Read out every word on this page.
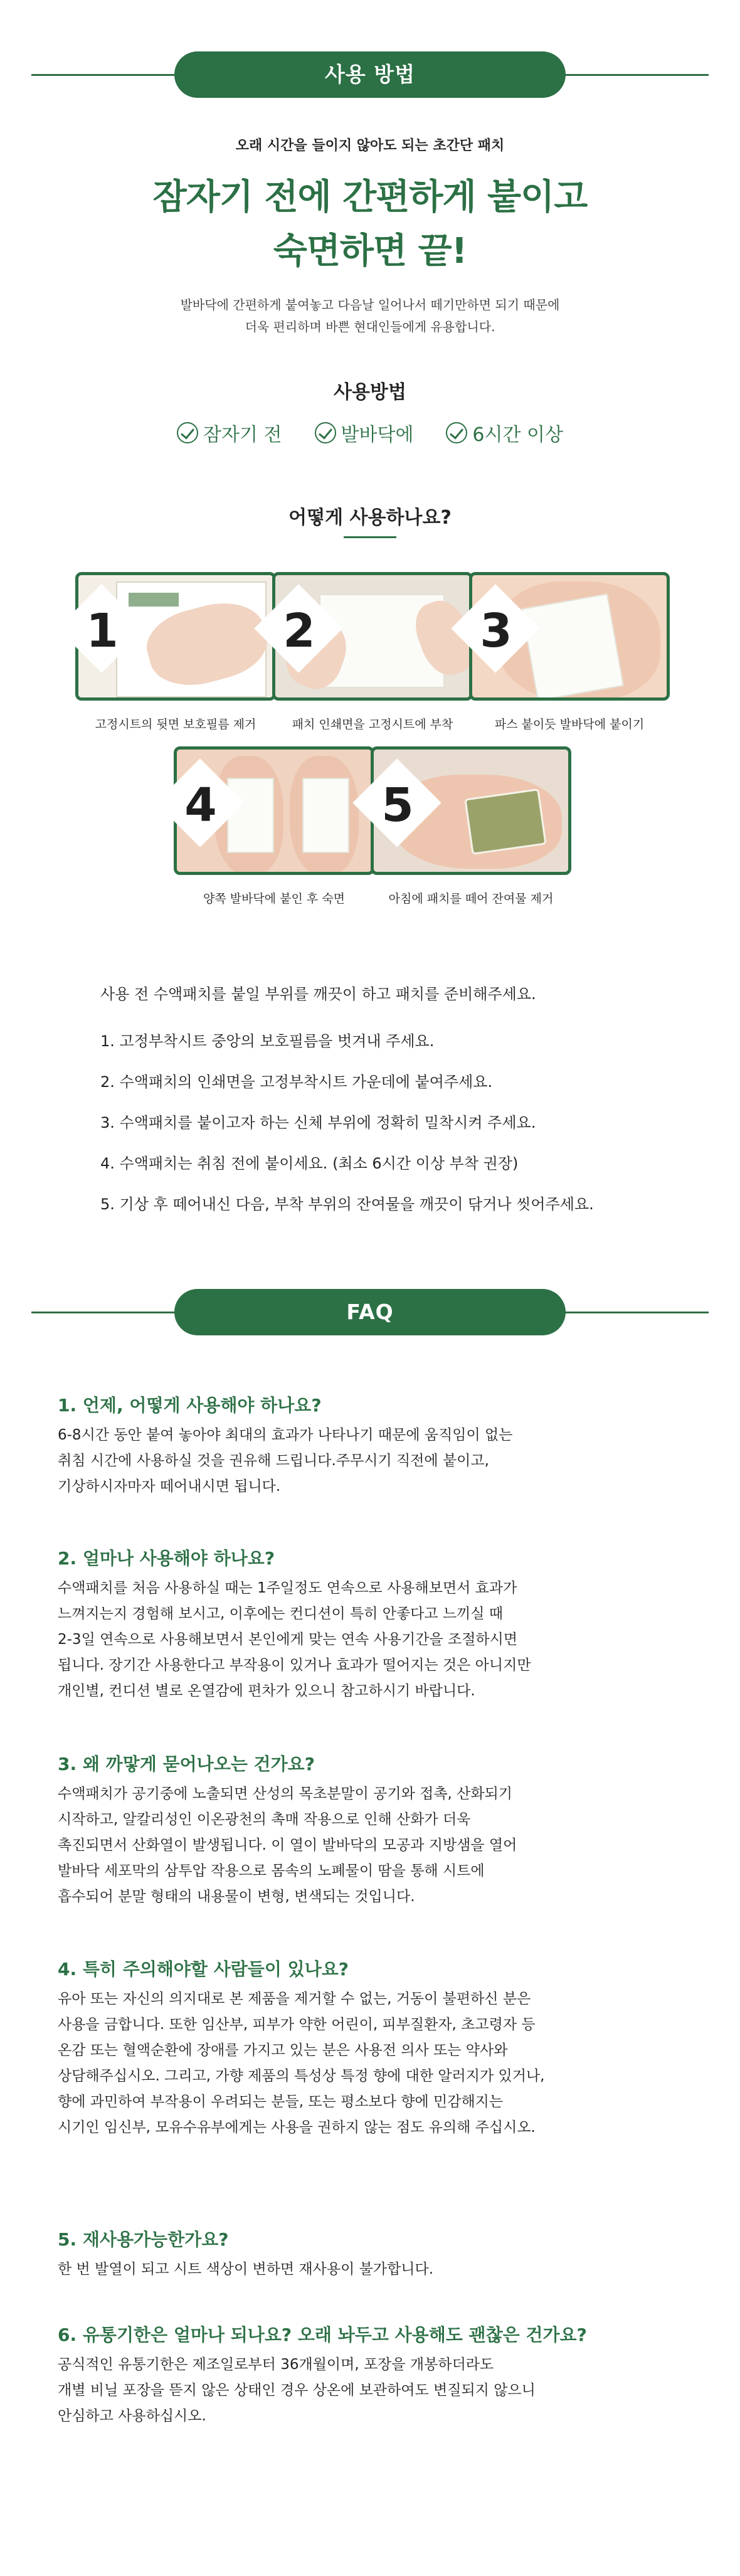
사용 방법
오래 시간을 들이지 않아도 되는 초간단 패치
잠자기 전에 간편하게 붙이고
숙면하면 끝!
발바닥에 간편하게 붙여놓고 다음날 일어나서 떼기만하면 되기 때문에
더욱 편리하며 바쁜 현대인들에게 유용합니다.
사용방법
잠자기 전	발바닥에	6시간 이상
어떻게 사용하나요?
1
고정시트의 뒷면 보호필름 제거
2
패치 인쇄면을 고정시트에 부착
3
파스 붙이듯 발바닥에 붙이기
4
양쪽 발바닥에 붙인 후 숙면
5
아침에 패치를 떼어 잔여물 제거
사용 전 수액패치를 붙일 부위를 깨끗이 하고 패치를 준비해주세요.
1. 고정부착시트 중앙의 보호필름을 벗겨내 주세요.
2. 수액패치의 인쇄면을 고정부착시트 가운데에 붙여주세요.
3. 수액패치를 붙이고자 하는 신체 부위에 정확히 밀착시켜 주세요.
4. 수액패치는 취침 전에 붙이세요. (최소 6시간 이상 부착 권장)
5. 기상 후 떼어내신 다음, 부착 부위의 잔여물을 깨끗이 닦거나 씻어주세요.
FAQ
1. 언제, 어떻게 사용해야 하나요?
6-8시간 동안 붙여 놓아야 최대의 효과가 나타나기 때문에 움직임이 없는
취침 시간에 사용하실 것을 권유해 드립니다.주무시기 직전에 붙이고,
기상하시자마자 떼어내시면 됩니다.
2. 얼마나 사용해야 하나요?
수액패치를 처음 사용하실 때는 1주일정도 연속으로 사용해보면서 효과가
느껴지는지 경험해 보시고, 이후에는 컨디션이 특히 안좋다고 느끼실 때
2-3일 연속으로 사용해보면서 본인에게 맞는 연속 사용기간을 조절하시면
됩니다. 장기간 사용한다고 부작용이 있거나 효과가 떨어지는 것은 아니지만
개인별, 컨디션 별로 온열감에 편차가 있으니 참고하시기 바랍니다.
3. 왜 까맣게 묻어나오는 건가요?
수액패치가 공기중에 노출되면 산성의 목초분말이 공기와 접촉, 산화되기
시작하고, 알칼리성인 이온광천의 촉매 작용으로 인해 산화가 더욱
촉진되면서 산화열이 발생됩니다. 이 열이 발바닥의 모공과 지방샘을 열어
발바닥 세포막의 삼투압 작용으로 몸속의 노폐물이 땀을 통해 시트에
흡수되어 분말 형태의 내용물이 변형, 변색되는 것입니다.
4. 특히 주의해야할 사람들이 있나요?
유아 또는 자신의 의지대로 본 제품을 제거할 수 없는, 거동이 불편하신 분은
사용을 금합니다. 또한 임산부, 피부가 약한 어린이, 피부질환자, 초고령자 등
온감 또는 혈액순환에 장애를 가지고 있는 분은 사용전 의사 또는 약사와
상담해주십시오. 그리고, 가향 제품의 특성상 특정 향에 대한 알러지가 있거나,
향에 과민하여 부작용이 우려되는 분들, 또는 평소보다 향에 민감해지는
시기인 임신부, 모유수유부에게는 사용을 권하지 않는 점도 유의해 주십시오.
5. 재사용가능한가요?
한 번 발열이 되고 시트 색상이 변하면 재사용이 불가합니다.
6. 유통기한은 얼마나 되나요? 오래 놔두고 사용해도 괜찮은 건가요?
공식적인 유통기한은 제조일로부터 36개월이며, 포장을 개봉하더라도
개별 비닐 포장을 뜯지 않은 상태인 경우 상온에 보관하여도 변질되지 않으니
안심하고 사용하십시오.
